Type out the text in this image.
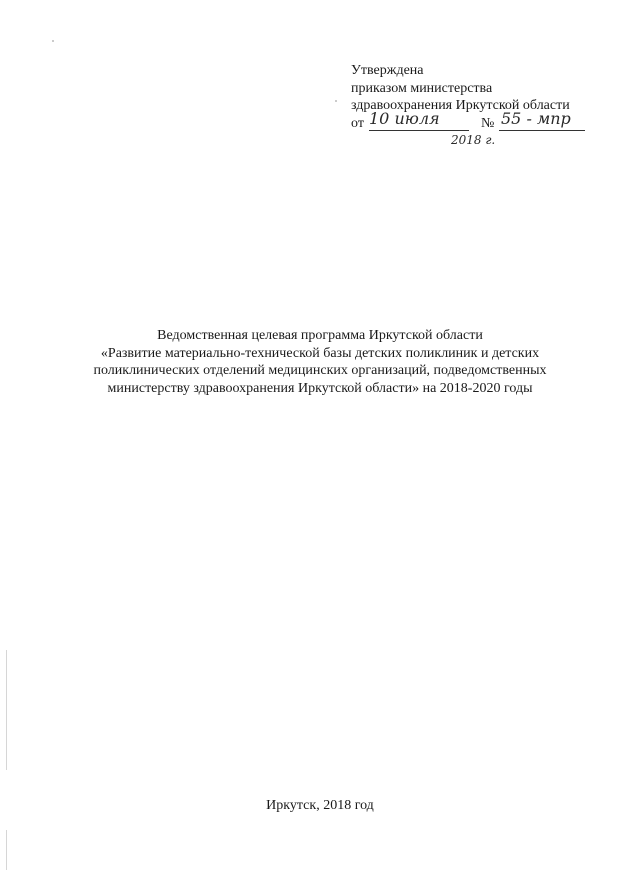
Утверждена
приказом министерства
здравоохранения Иркутской области
от 10 июля	№ 55 - мпр
2018 г.
Ведомственная целевая программа Иркутской области
«Развитие материально-технической базы детских поликлиник и детских
поликлинических отделений медицинских организаций, подведомственных
министерству здравоохранения Иркутской области» на 2018-2020 годы
Иркутск, 2018 год
